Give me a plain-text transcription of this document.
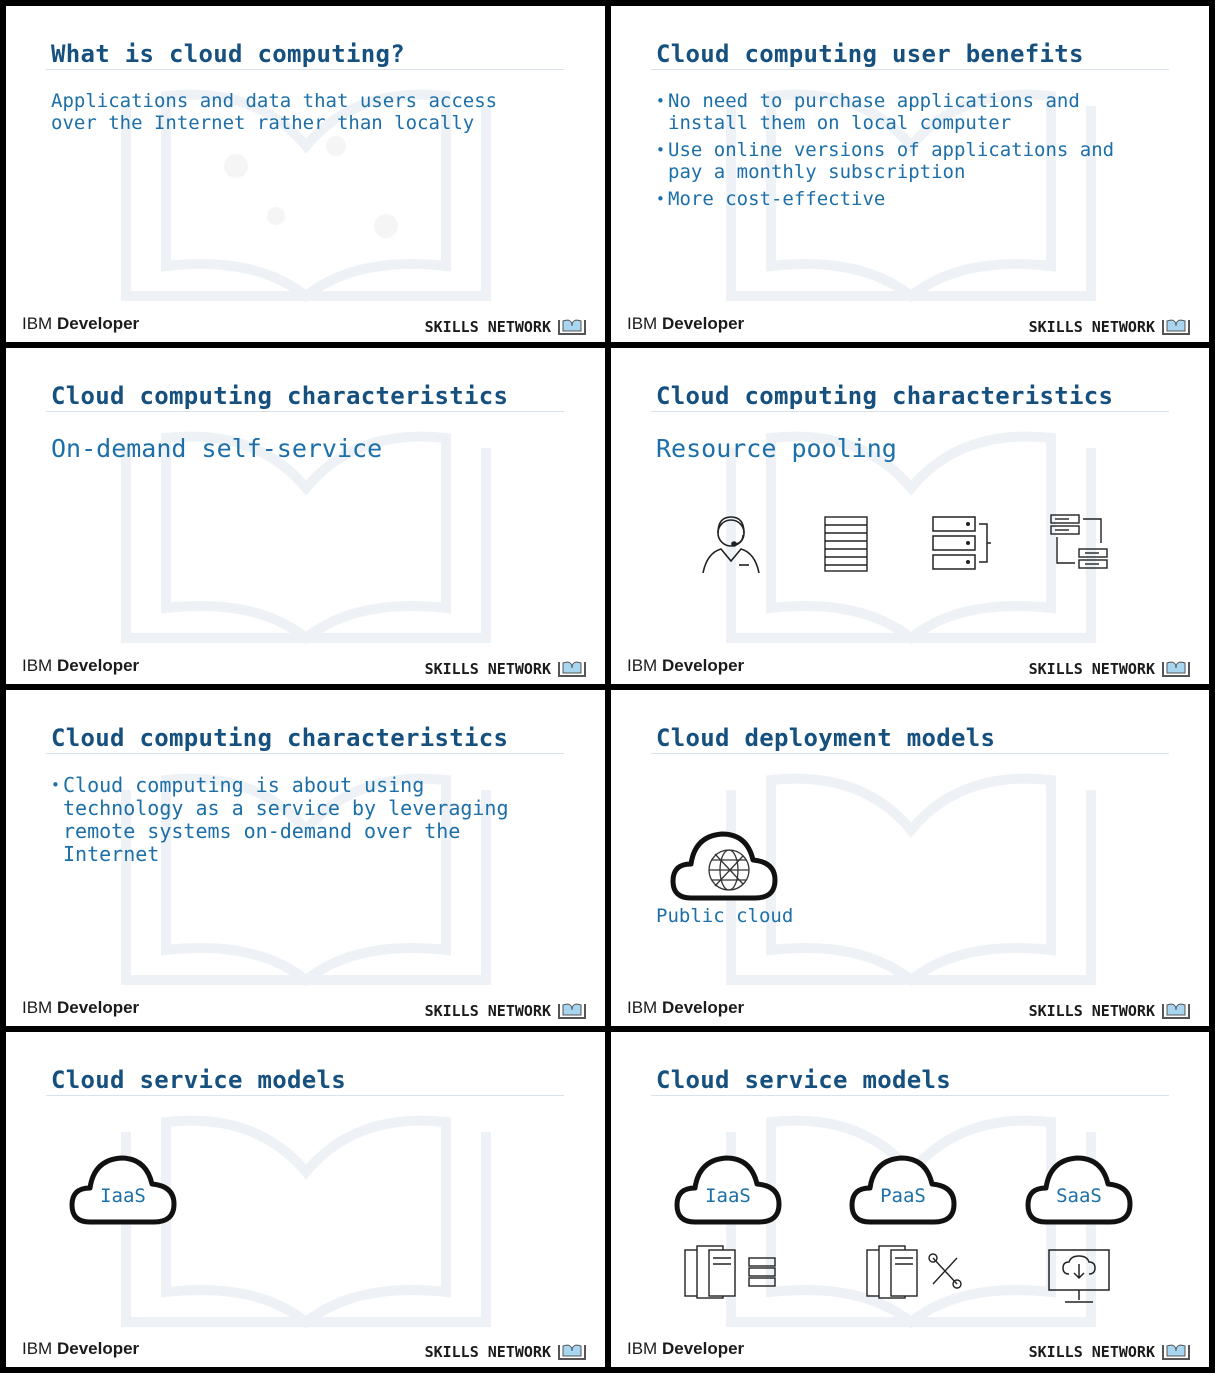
What is cloud computing?
Applications and data that users access
over the Internet rather than locally
IBM Developer	SKILLS NETWORK
Cloud computing user benefits
• No need to purchase applications and
install them on local computer
• Use online versions of applications and
pay a monthly subscription
• More cost-effective
IBM Developer	SKILLS NETWORK
Cloud computing characteristics
On-demand self-service
IBM Developer	SKILLS NETWORK
Cloud computing characteristics
Resource pooling
IBM Developer	SKILLS NETWORK
Cloud computing characteristics
• Cloud computing is about using
technology as a service by leveraging
remote systems on-demand over the
Internet
IBM Developer	SKILLS NETWORK
Cloud deployment models
Public cloud
IBM Developer	SKILLS NETWORK
Cloud service models
IaaS
IBM Developer	SKILLS NETWORK
Cloud service models
IaaS	PaaS	SaaS
IBM Developer	SKILLS NETWORK
